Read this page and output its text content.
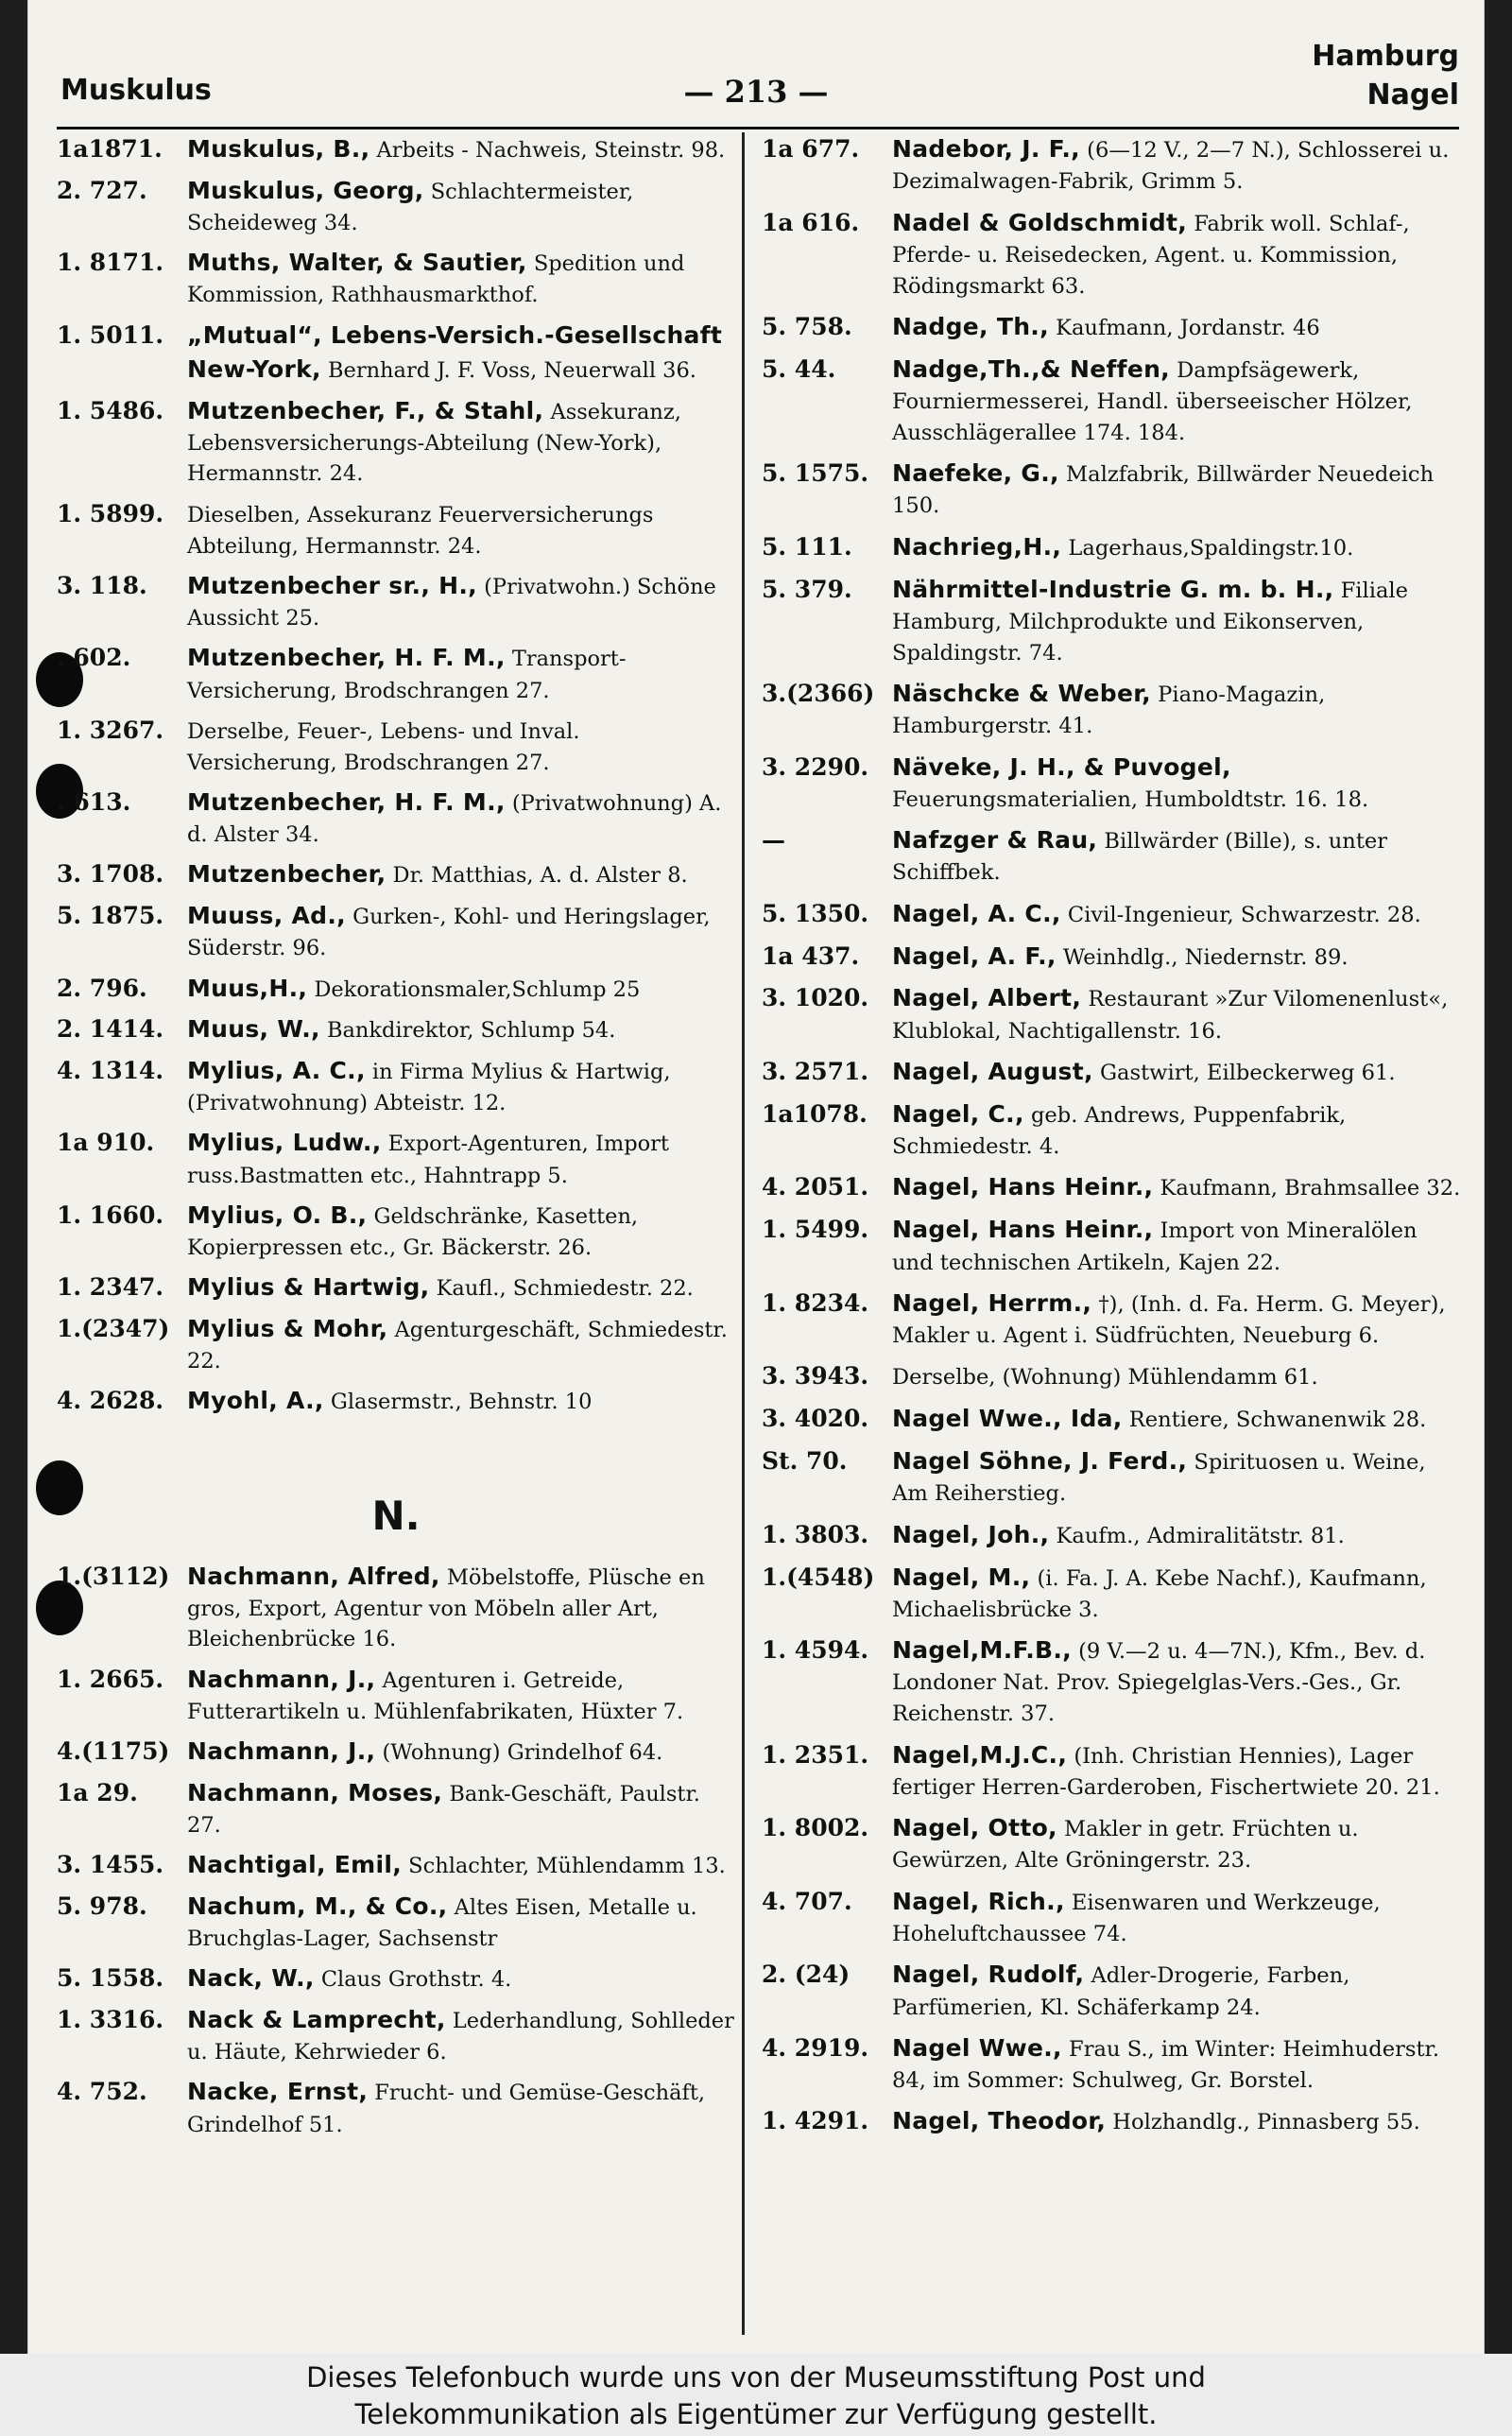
Muskulus	— 213 —
Hamburg
Nagel
1a1871.	Muskulus, B., Arbeits - Nachweis, Steinstr. 98.
2. 727.	Muskulus, Georg, Schlachtermeister, Scheideweg 34.
1. 8171. Muths, Walter, & Sautier, Spedition und Kommission, Rathhausmarkthof.
1. 5011. „Mutual“, Lebens-Versich.-Gesellschaft New-York, Bernhard J. F. Voss, Neuerwall 36.
1. 5486. Mutzenbecher, F., & Stahl, Assekuranz, Lebensversicherungs-Abteilung (New-York), Hermannstr. 24.
1. 5899.	Dieselben, Assekuranz Feuerversicherungs Abteilung, Hermannstr. 24.
3. 118.	Mutzenbecher sr., H., (Privatwohn.) Schöne Aussicht 25.
. 602.	Mutzenbecher, H. F. M., Transport-Versicherung, Brodschrangen 27.
1. 3267.	Derselbe, Feuer-, Lebens- und Inval. Versicherung, Brodschrangen 27.
. 613.	Mutzenbecher, H. F. M., (Privatwohnung) A. d. Alster 34.
3. 1708. Mutzenbecher, Dr. Matthias, A. d. Alster 8.
5. 1875. Muuss, Ad., Gurken-, Kohl- und Heringslager, Süderstr. 96.
2. 796.	Muus,H., Dekorationsmaler,Schlump 25
2. 1414. Muus, W., Bankdirektor, Schlump 54.
4. 1314. Mylius, A. C., in Firma Mylius & Hartwig, (Privatwohnung) Abteistr. 12.
1a 910.	Mylius, Ludw., Export-Agenturen, Import russ.Bastmatten etc., Hahntrapp 5.
1. 1660. Mylius, O. B., Geldschränke, Kasetten, Kopierpressen etc., Gr. Bäckerstr. 26.
1. 2347. Mylius & Hartwig, Kaufl., Schmiedestr. 22.
1.(2347) Mylius & Mohr, Agenturgeschäft, Schmiedestr. 22.
4. 2628. Myohl, A., Glasermstr., Behnstr. 10
N.
1.(3112) Nachmann, Alfred, Möbelstoffe, Plüsche en gros, Export, Agentur von Möbeln aller Art, Bleichenbrücke 16.
1. 2665. Nachmann, J., Agenturen i. Getreide, Futterartikeln u. Mühlenfabrikaten, Hüxter 7.
4.(1175) Nachmann, J., (Wohnung) Grindelhof 64.
1a 29.	Nachmann, Moses, Bank-Geschäft, Paulstr. 27.
3. 1455. Nachtigal, Emil, Schlachter, Mühlendamm 13.
5. 978.	Nachum, M., & Co., Altes Eisen, Metalle u. Bruchglas-Lager, Sachsenstr
5. 1558. Nack, W., Claus Grothstr. 4.
1. 3316. Nack & Lamprecht, Lederhandlung, Sohlleder u. Häute, Kehrwieder 6.
4. 752.	Nacke, Ernst, Frucht- und Gemüse-Geschäft, Grindelhof 51.
1a 677.	Nadebor, J. F., (6—12 V., 2—7 N.), Schlosserei u. Dezimalwagen-Fabrik, Grimm 5.
1a 616.	Nadel & Goldschmidt, Fabrik woll. Schlaf-, Pferde- u. Reisedecken, Agent. u. Kommission, Rödingsmarkt 63.
5. 758.	Nadge, Th., Kaufmann, Jordanstr. 46
5. 44.	Nadge,Th.,& Neffen, Dampfsägewerk, Fourniermesserei, Handl. überseeischer Hölzer, Ausschlägerallee 174. 184.
5. 1575. Naefeke, G., Malzfabrik, Billwärder Neuedeich 150.
5. 111.	Nachrieg,H., Lagerhaus,Spaldingstr.10.
5. 379.	Nährmittel-Industrie G. m. b. H., Filiale Hamburg, Milchprodukte und Eikonserven, Spaldingstr. 74.
3.(2366) Näschcke & Weber, Piano-Magazin, Hamburgerstr. 41.
3. 2290. Näveke, J. H., & Puvogel, Feuerungsmaterialien, Humboldtstr. 16. 18.
—	Nafzger & Rau, Billwärder (Bille), s. unter Schiffbek.
5. 1350. Nagel, A. C., Civil-Ingenieur, Schwarzestr. 28.
1a 437.	Nagel, A. F., Weinhdlg., Niedernstr. 89.
3. 1020. Nagel, Albert, Restaurant »Zur Vilomenenlust«, Klublokal, Nachtigallenstr. 16.
3. 2571. Nagel, August, Gastwirt, Eilbeckerweg 61.
1a1078.	Nagel, C., geb. Andrews, Puppenfabrik, Schmiedestr. 4.
4. 2051. Nagel, Hans Heinr., Kaufmann, Brahmsallee 32.
1. 5499. Nagel, Hans Heinr., Import von Mineralölen und technischen Artikeln, Kajen 22.
1. 8234. Nagel, Herrm., †), (Inh. d. Fa. Herm. G. Meyer), Makler u. Agent i. Südfrüchten, Neueburg 6.
3. 3943.	Derselbe, (Wohnung) Mühlendamm 61.
3. 4020. Nagel Wwe., Ida, Rentiere, Schwanenwik 28.
St. 70.	Nagel Söhne, J. Ferd., Spirituosen u. Weine, Am Reiherstieg.
1. 3803. Nagel, Joh., Kaufm., Admiralitätstr. 81.
1.(4548) Nagel, M., (i. Fa. J. A. Kebe Nachf.), Kaufmann, Michaelisbrücke 3.
1. 4594. Nagel,M.F.B., (9 V.—2 u. 4—7N.), Kfm., Bev. d. Londoner Nat. Prov. Spiegelglas-Vers.-Ges., Gr. Reichenstr. 37.
1. 2351. Nagel,M.J.C., (Inh. Christian Hennies), Lager fertiger Herren-Garderoben, Fischertwiete 20. 21.
1. 8002. Nagel, Otto, Makler in getr. Früchten u. Gewürzen, Alte Gröningerstr. 23.
4. 707.	Nagel, Rich., Eisenwaren und Werkzeuge, Hoheluftchaussee 74.
2. (24)	Nagel, Rudolf, Adler-Drogerie, Farben, Parfümerien, Kl. Schäferkamp 24.
4. 2919. Nagel Wwe., Frau S., im Winter: Heimhuderstr. 84, im Sommer: Schulweg, Gr. Borstel.
1. 4291. Nagel, Theodor, Holzhandlg., Pinnasberg 55.
Dieses Telefonbuch wurde uns von der Museumsstiftung Post und
Telekommunikation als Eigentümer zur Verfügung gestellt.
